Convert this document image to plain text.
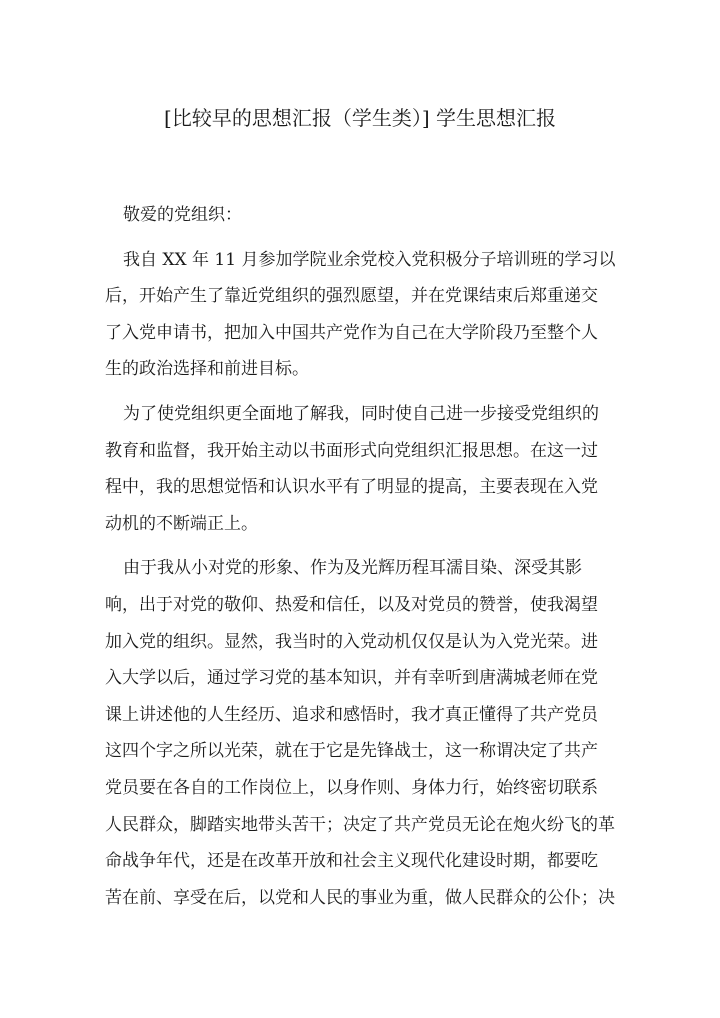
[比较早的思想汇报（学生类）] 学生思想汇报
敬爱的党组织：
我自 XX 年 11 月参加学院业余党校入党积极分子培训班的学习以
后，开始产生了靠近党组织的强烈愿望，并在党课结束后郑重递交
了入党申请书，把加入中国共产党作为自己在大学阶段乃至整个人
生的政治选择和前进目标。
为了使党组织更全面地了解我，同时使自己进一步接受党组织的
教育和监督，我开始主动以书面形式向党组织汇报思想。在这一过
程中，我的思想觉悟和认识水平有了明显的提高，主要表现在入党
动机的不断端正上。
由于我从小对党的形象、作为及光辉历程耳濡目染、深受其影
响，出于对党的敬仰、热爱和信任，以及对党员的赞誉，使我渴望
加入党的组织。显然，我当时的入党动机仅仅是认为入党光荣。进
入大学以后，通过学习党的基本知识，并有幸听到唐满城老师在党
课上讲述他的人生经历、追求和感悟时，我才真正懂得了共产党员
这四个字之所以光荣，就在于它是先锋战士，这一称谓决定了共产
党员要在各自的工作岗位上，以身作则、身体力行，始终密切联系
人民群众，脚踏实地带头苦干；决定了共产党员无论在炮火纷飞的革
命战争年代，还是在改革开放和社会主义现代化建设时期，都要吃
苦在前、享受在后，以党和人民的事业为重，做人民群众的公仆；决
